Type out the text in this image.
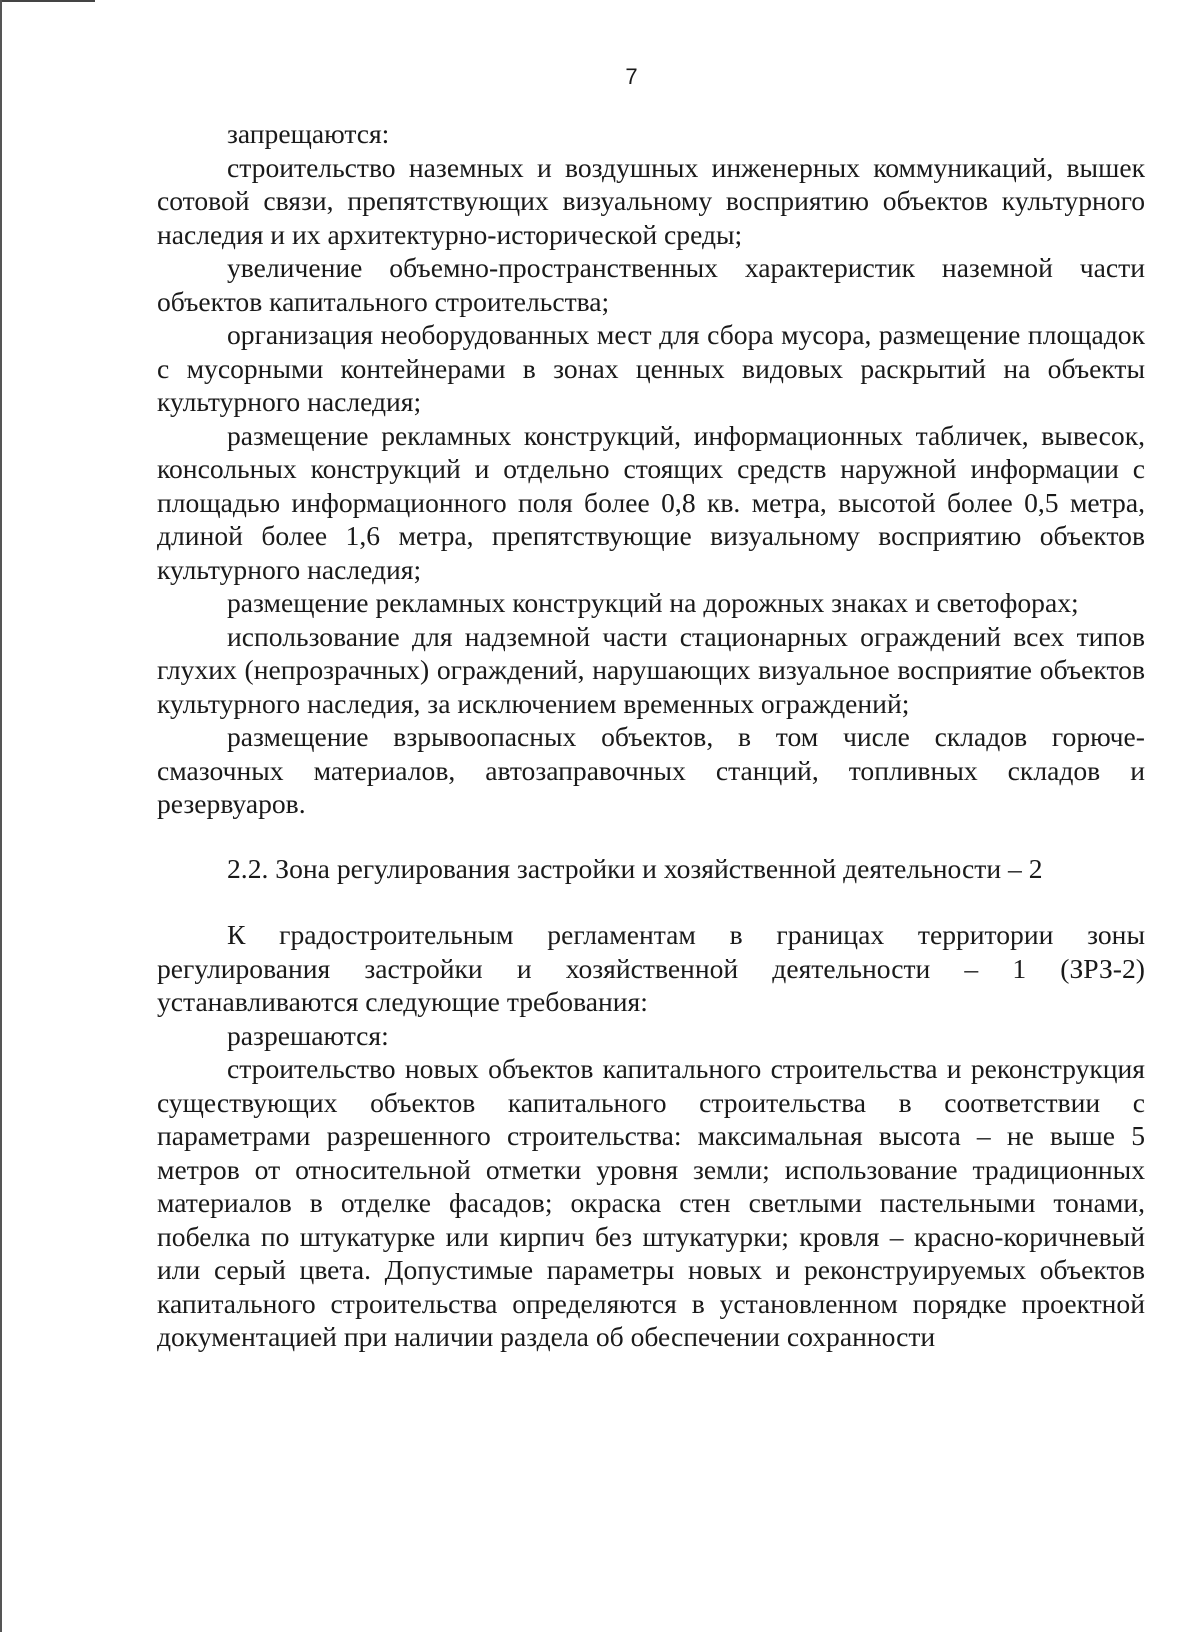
7

запрещаются:

строительство наземных и воздушных инженерных коммуникаций, вышек сотовой связи, препятствующих визуальному восприятию объектов культурного наследия и их архитектурно-исторической среды;

увеличение объемно-пространственных характеристик наземной части объектов капитального строительства;

организация необорудованных мест для сбора мусора, размещение площадок с мусорными контейнерами в зонах ценных видовых раскрытий на объекты культурного наследия;

размещение рекламных конструкций, информационных табличек, вывесок, консольных конструкций и отдельно стоящих средств наружной информации с площадью информационного поля более 0,8 кв. метра, высотой более 0,5 метра, длиной более 1,6 метра, препятствующие визуальному восприятию объектов культурного наследия;

размещение рекламных конструкций на дорожных знаках и светофорах;

использование для надземной части стационарных ограждений всех типов глухих (непрозрачных) ограждений, нарушающих визуальное восприятие объектов культурного наследия, за исключением временных ограждений;

размещение взрывоопасных объектов, в том числе складов горюче-смазочных материалов, автозаправочных станций, топливных складов и резервуаров.

2.2. Зона регулирования застройки и хозяйственной деятельности – 2

К градостроительным регламентам в границах территории зоны регулирования застройки и хозяйственной деятельности – 1 (ЗРЗ-2) устанавливаются следующие требования:

разрешаются:

строительство новых объектов капитального строительства и реконструкция существующих объектов капитального строительства в соответствии с параметрами разрешенного строительства: максимальная высота – не выше 5 метров от относительной отметки уровня земли; использование традиционных материалов в отделке фасадов; окраска стен светлыми пастельными тонами, побелка по штукатурке или кирпич без штукатурки; кровля – красно-коричневый или серый цвета. Допустимые параметры новых и реконструируемых объектов капитального строительства определяются в установленном порядке проектной документацией при наличии раздела об обеспечении сохранности
